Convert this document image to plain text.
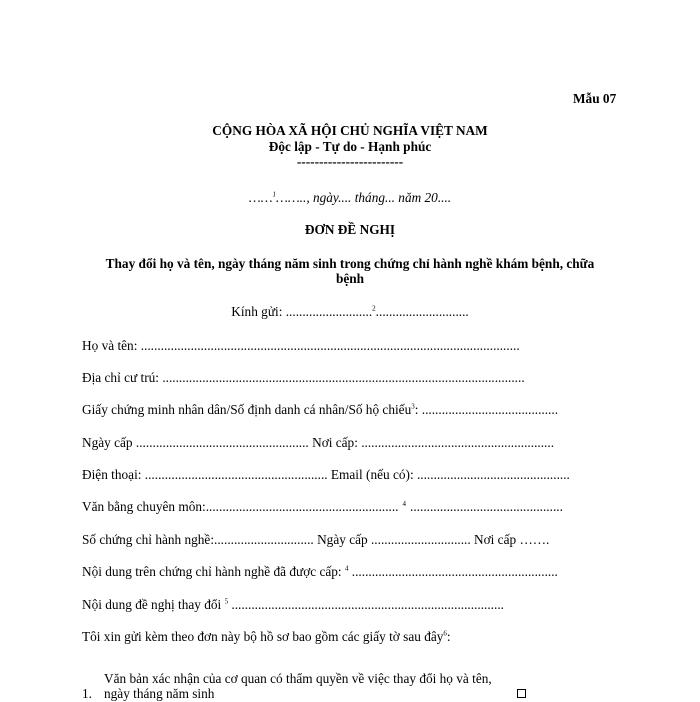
Mẫu 07
CỘNG HÒA XÃ HỘI CHỦ NGHĨA VIỆT NAM
Độc lập - Tự do - Hạnh phúc
------------------------
……$^1$…….., ngày.... tháng... năm 20....
ĐƠN ĐỀ NGHỊ
Thay đổi họ và tên, ngày tháng năm sinh trong chứng chỉ hành nghề khám bệnh, chữa
bệnh
Kính gửi: ..........................$^2$............................
Họ và tên: ..................................................................................................................
Địa chỉ cư trú: .............................................................................................................
Giấy chứng minh nhân dân/Số định danh cá nhân/Số hộ chiếu$^3$: .........................................
Ngày cấp .................................................... Nơi cấp: ..........................................................
Điện thoại: ....................................................... Email (nếu có): ..............................................
Văn bằng chuyên môn:.......................................................... $^4$ ..............................................
Số chứng chỉ hành nghề:.............................. Ngày cấp .............................. Nơi cấp …….
Nội dung trên chứng chỉ hành nghề đã được cấp: $^4$ ..............................................................
Nội dung đề nghị thay đổi $^5$ ..................................................................................
Tôi xin gửi kèm theo đơn này bộ hồ sơ bao gồm các giấy tờ sau đây$^6$:
Văn bản xác nhận của cơ quan có thẩm quyền về việc thay đổi họ và tên,
1. ngày tháng năm sinh
